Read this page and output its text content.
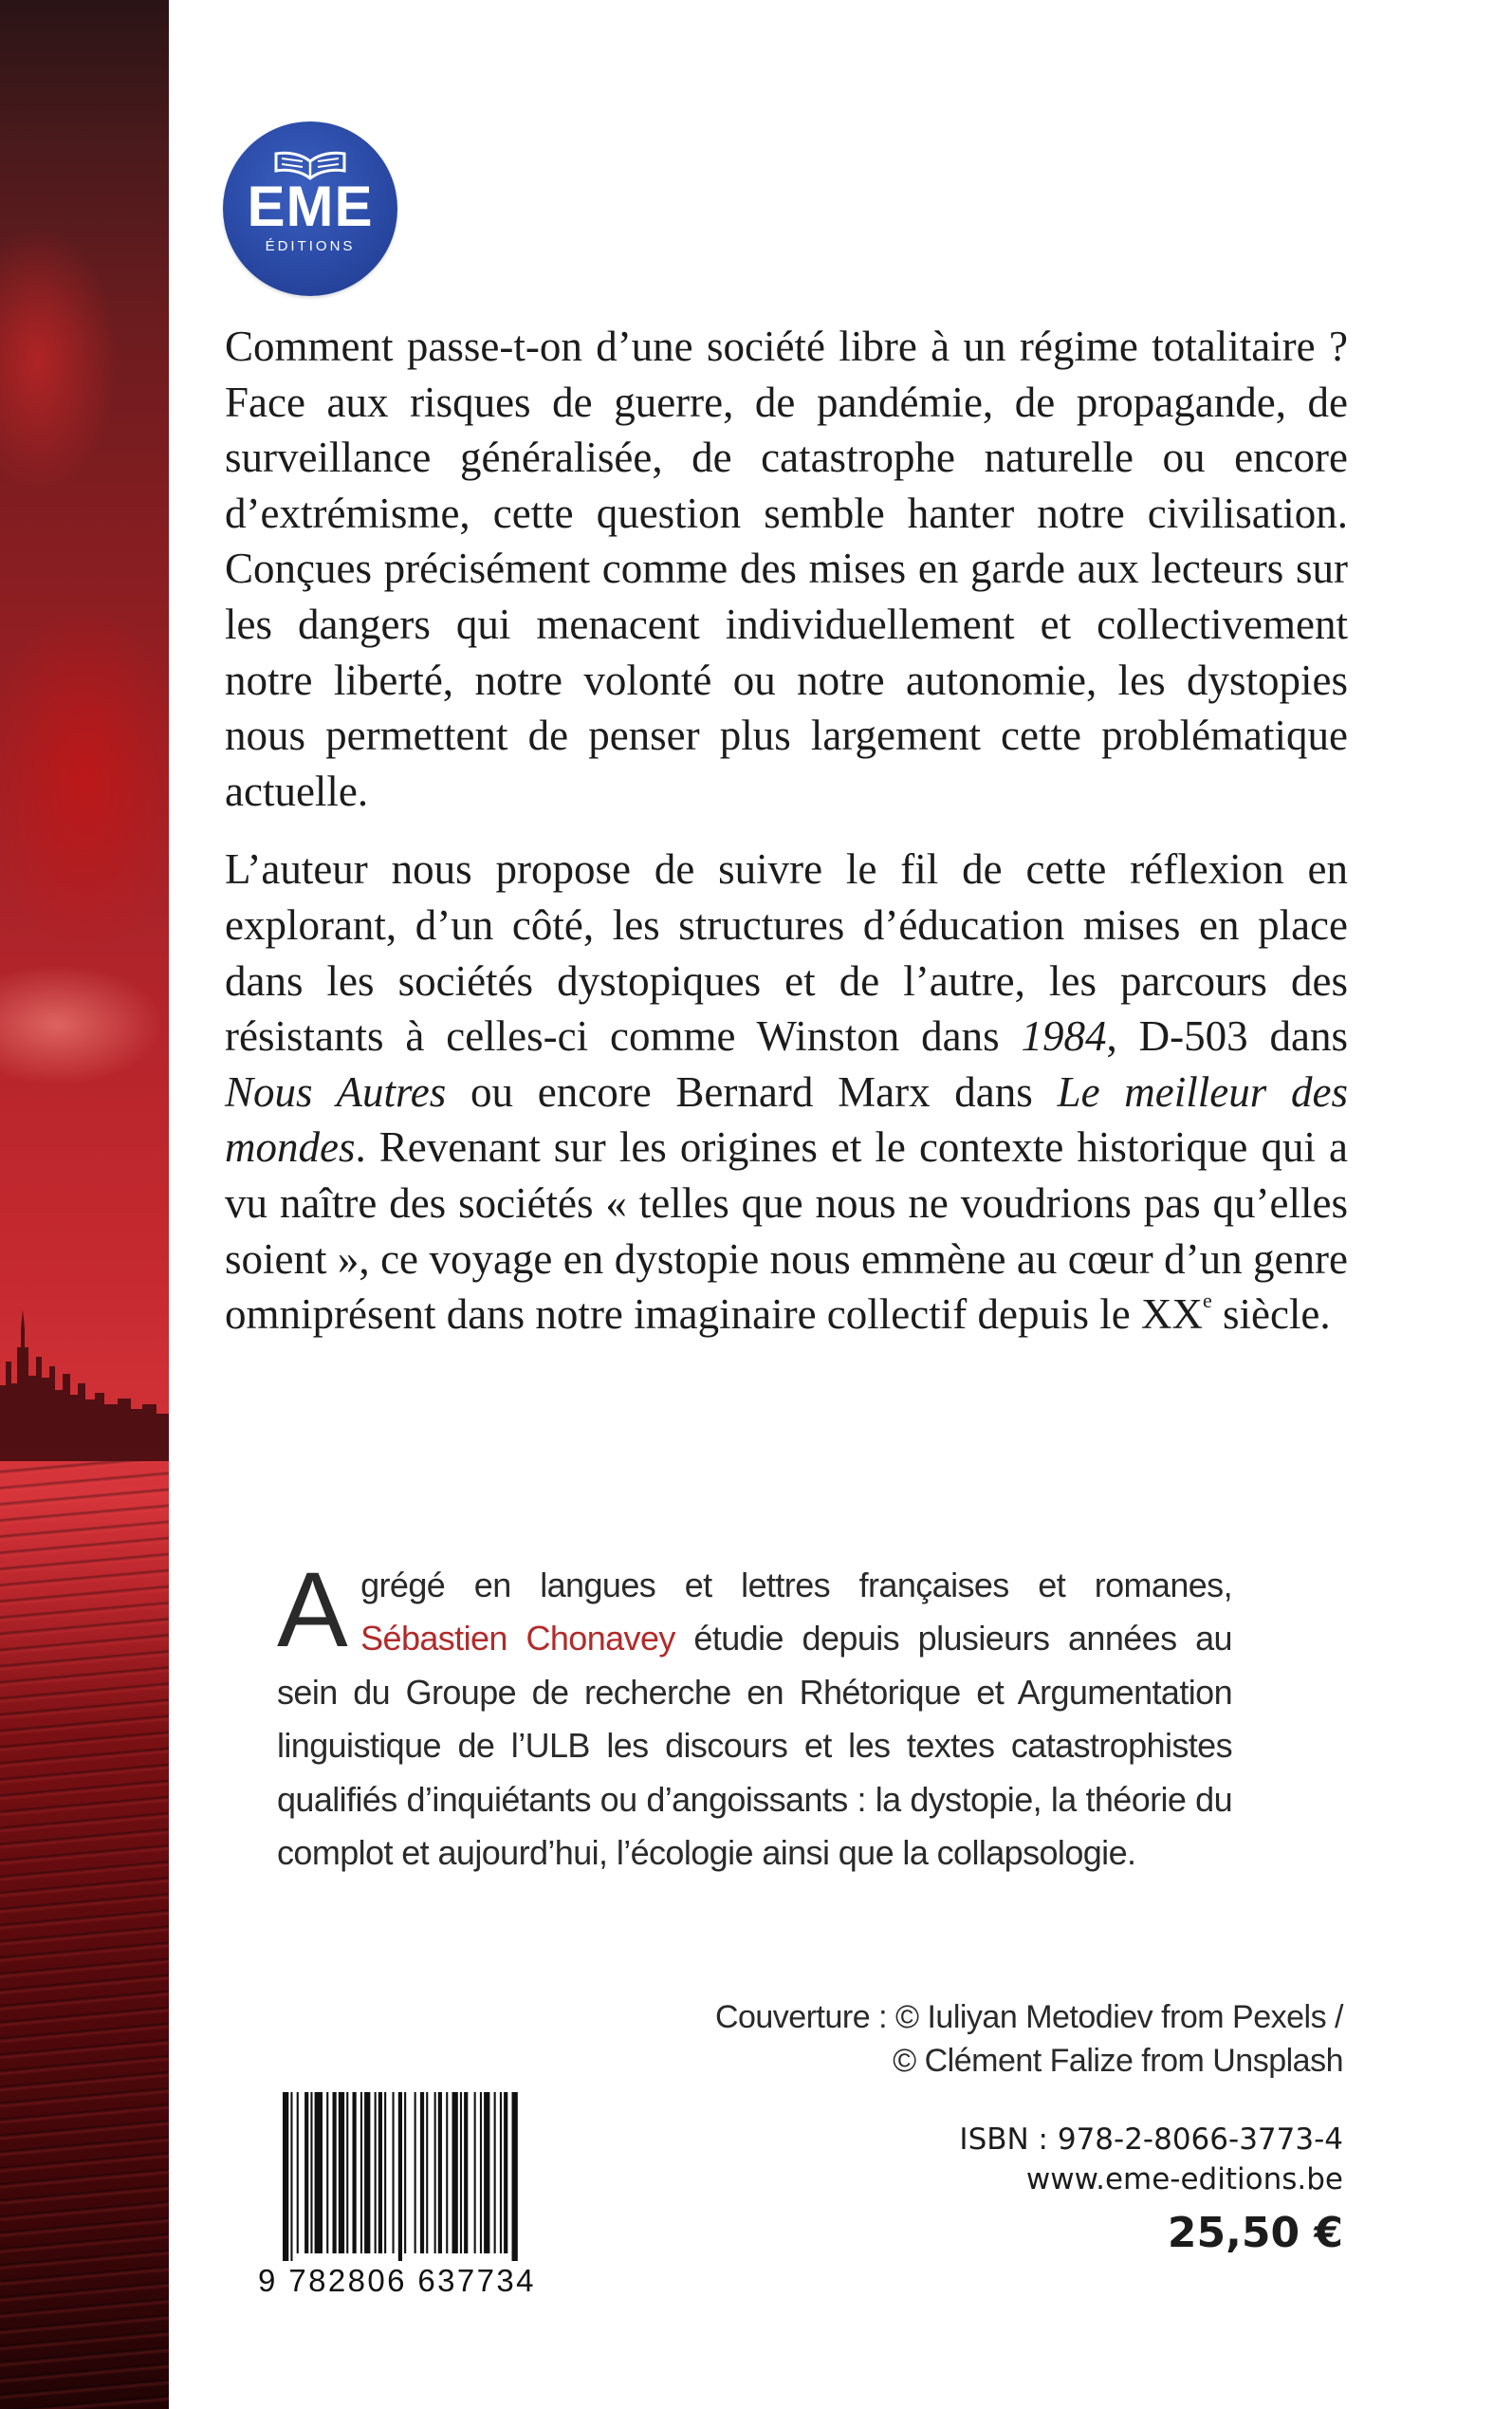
EME
ÉDITIONS

Comment passe-t-on d’une société libre à un régime totalitaire ? Face aux risques de guerre, de pandémie, de propagande, de surveillance généralisée, de catastrophe naturelle ou encore d’extrémisme, cette question semble hanter notre civilisation. Conçues précisément comme des mises en garde aux lecteurs sur les dangers qui menacent individuellement et collectivement notre liberté, notre volonté ou notre autonomie, les dystopies nous permettent de penser plus largement cette problématique actuelle.

L’auteur nous propose de suivre le fil de cette réflexion en explorant, d’un côté, les structures d’éducation mises en place dans les sociétés dystopiques et de l’autre, les parcours des résistants à celles-ci comme Winston dans 1984, D-503 dans Nous Autres ou encore Bernard Marx dans Le meilleur des mondes. Revenant sur les origines et le contexte historique qui a vu naître des sociétés « telles que nous ne voudrions pas qu’elles soient », ce voyage en dystopie nous emmène au cœur d’un genre omniprésent dans notre imaginaire collectif depuis le XXe siècle.

Agrégé en langues et lettres françaises et romanes, Sébastien Chonavey étudie depuis plusieurs années au sein du Groupe de recherche en Rhétorique et Argumentation linguistique de l’ULB les discours et les textes catastrophistes qualifiés d’inquiétants ou d’angoissants : la dystopie, la théorie du complot et aujourd’hui, l’écologie ainsi que la collapsologie.
Couverture : © Iuliyan Metodiev from Pexels /
© Clément Falize from Unsplash
9 782806 637734
ISBN : 978-2-8066-3773-4
www.eme-editions.be
25,50 €
